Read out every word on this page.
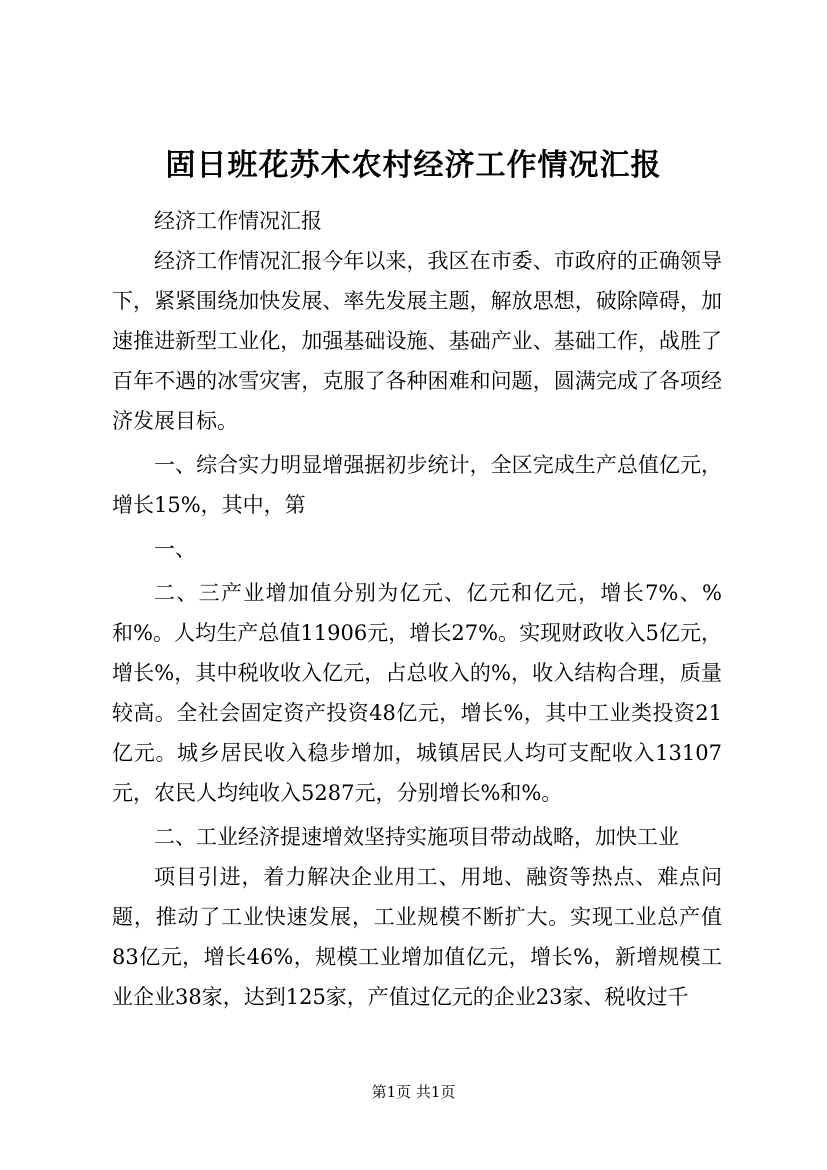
固日班花苏木农村经济工作情况汇报

经济工作情况汇报

经济工作情况汇报今年以来，我区在市委、市政府的正确领导下，紧紧围绕加快发展、率先发展主题，解放思想，破除障碍，加速推进新型工业化，加强基础设施、基础产业、基础工作，战胜了百年不遇的冰雪灾害，克服了各种困难和问题，圆满完成了各项经济发展目标。

一、综合实力明显增强据初步统计，全区完成生产总值亿元，增长15%，其中，第

一、

二、三产业增加值分别为亿元、亿元和亿元，增长7%、%和%。人均生产总值11906元，增长27%。实现财政收入5亿元，增长%，其中税收收入亿元，占总收入的%，收入结构合理，质量较高。全社会固定资产投资48亿元，增长%，其中工业类投资21亿元。城乡居民收入稳步增加，城镇居民人均可支配收入13107元，农民人均纯收入5287元，分别增长%和%。

二、工业经济提速增效坚持实施项目带动战略，加快工业

项目引进，着力解决企业用工、用地、融资等热点、难点问题，推动了工业快速发展，工业规模不断扩大。实现工业总产值83亿元，增长46%，规模工业增加值亿元，增长%，新增规模工业企业38家，达到125家，产值过亿元的企业23家、税收过千

第1页 共1页
